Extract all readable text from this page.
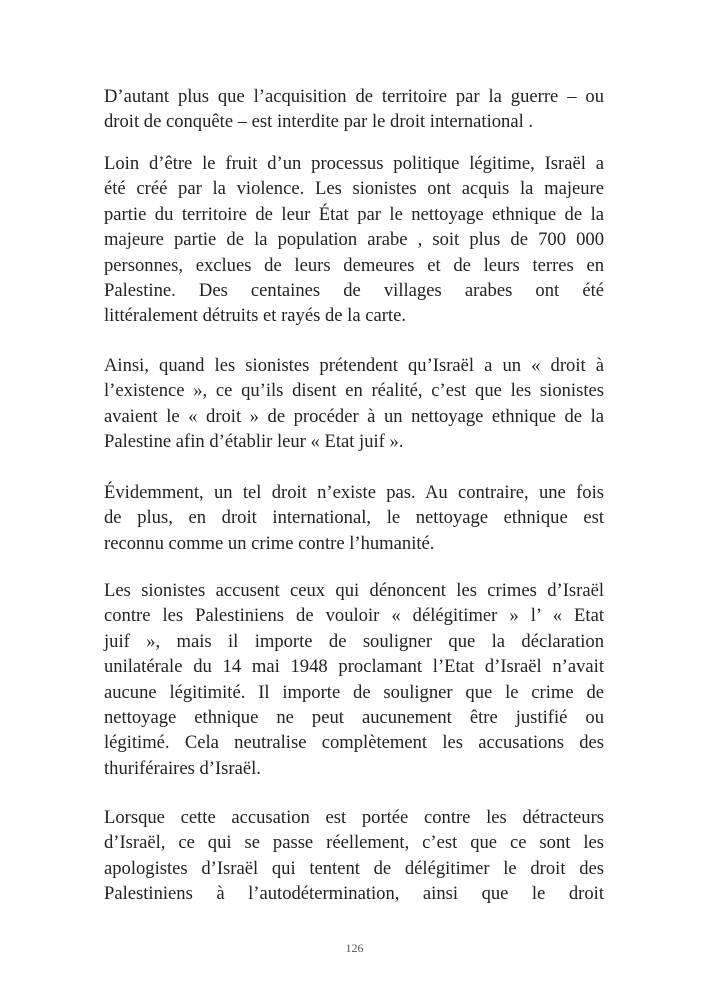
D’autant plus que l’acquisition de territoire par la guerre – ou
droit de conquête – est interdite par le droit international .
Loin d’être le fruit d’un processus politique légitime, Israël a
été créé par la violence. Les sionistes ont acquis la majeure
partie du territoire de leur État par le nettoyage ethnique de la
majeure partie de la population arabe , soit plus de 700 000
personnes, exclues de leurs demeures et de leurs terres en
Palestine. Des centaines de villages arabes ont été
littéralement détruits et rayés de la carte.
Ainsi, quand les sionistes prétendent qu’Israël a un « droit à
l’existence », ce qu’ils disent en réalité, c’est que les sionistes
avaient le « droit » de procéder à un nettoyage ethnique de la
Palestine afin d’établir leur « Etat juif ».
Évidemment, un tel droit n’existe pas. Au contraire, une fois
de plus, en droit international, le nettoyage ethnique est
reconnu comme un crime contre l’humanité.
Les sionistes accusent ceux qui dénoncent les crimes d’Israël
contre les Palestiniens de vouloir « délégitimer » l’ « Etat
juif », mais il importe de souligner que la déclaration
unilatérale du 14 mai 1948 proclamant l’Etat d’Israël n’avait
aucune légitimité. Il importe de souligner que le crime de
nettoyage ethnique ne peut aucunement être justifié ou
légitimé. Cela neutralise complètement les accusations des
thuriféraires d’Israël.
Lorsque cette accusation est portée contre les détracteurs
d’Israël, ce qui se passe réellement, c’est que ce sont les
apologistes d’Israël qui tentent de délégitimer le droit des
Palestiniens à l’autodétermination, ainsi que le droit
126
